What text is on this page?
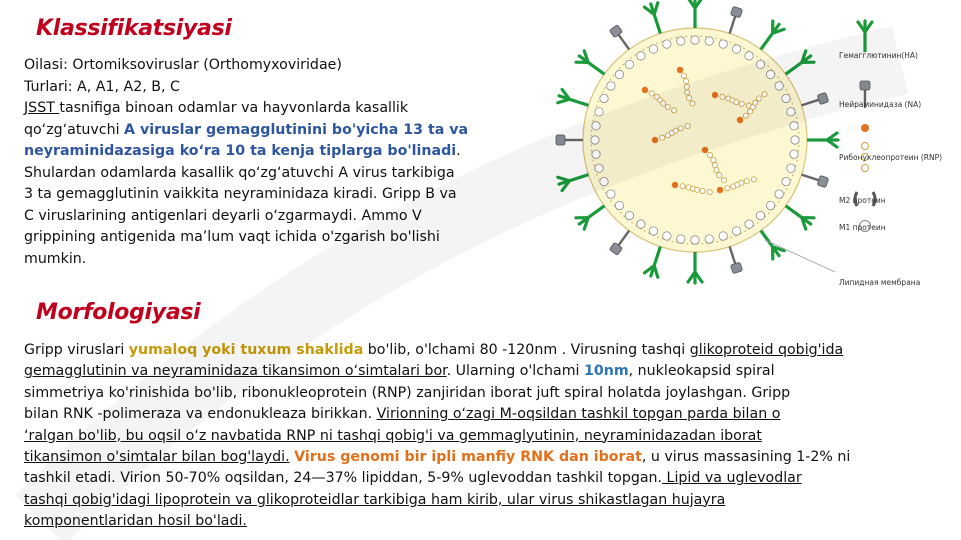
Klassifikatsiyasi
Oilasi: Ortomiksoviruslar (Orthomyxoviridae)
Turlari: A, A1, A2, B, C
JSST tasnifiga binoan odamlar va hayvonlarda kasallik
qo‘zg‘atuvchi A viruslar gemagglutinini bo'yicha 13 ta va
neyraminidazasiga ko‘ra 10 ta kenja tiplarga bo'linadi.
Shulardan odamlarda kasallik qo‘zg‘atuvchi A virus tarkibiga
3 ta gemagglutinin vaikkita neyraminidaza kiradi. Gripp B va
C viruslarining antigenlari deyarli o‘zgarmaydi. Ammo V
grippining antigenida ma’lum vaqt ichida o'zgarish bo'lishi
mumkin.
Гемагглютинин(HA)
Нейраминидаза (NA)
Рибонуклеопротеин (RNP)
M2 протеин
M1 протеин
Липидная мембрана
Morfologiyasi
Gripp viruslari yumaloq yoki tuxum shaklida bo'lib, o'lchami 80 -120nm . Virusning tashqi glikoproteid qobig'ida
gemagglutinin va neyraminidaza tikansimon o‘simtalari bor. Ularning o'lchami 10nm, nukleokapsid spiral
simmetriya ko'rinishida bo'lib, ribonukleoprotein (RNP) zanjiridan iborat juft spiral holatda joylashgan. Gripp
bilan RNK -polimeraza va endonukleaza birikkan. Virionning o‘zagi M-oqsildan tashkil topgan parda bilan o
‘ralgan bo'lib, bu oqsil o‘z navbatida RNP ni tashqi qobig'i va gemmaglyutinin, neyraminidazadan iborat
tikansimon o'simtalar bilan bog'laydi. Virus genomi bir ipli manfiy RNK dan iborat, u virus massasining 1-2% ni
tashkil etadi. Virion 50-70% oqsildan, 24—37% lipiddan, 5-9% uglevoddan tashkil topgan. Lipid va uglevodlar
tashqi qobig'idagi lipoprotein va glikoproteidlar tarkibiga ham kirib, ular virus shikastlagan hujayra
komponentlaridan hosil bo'ladi.
